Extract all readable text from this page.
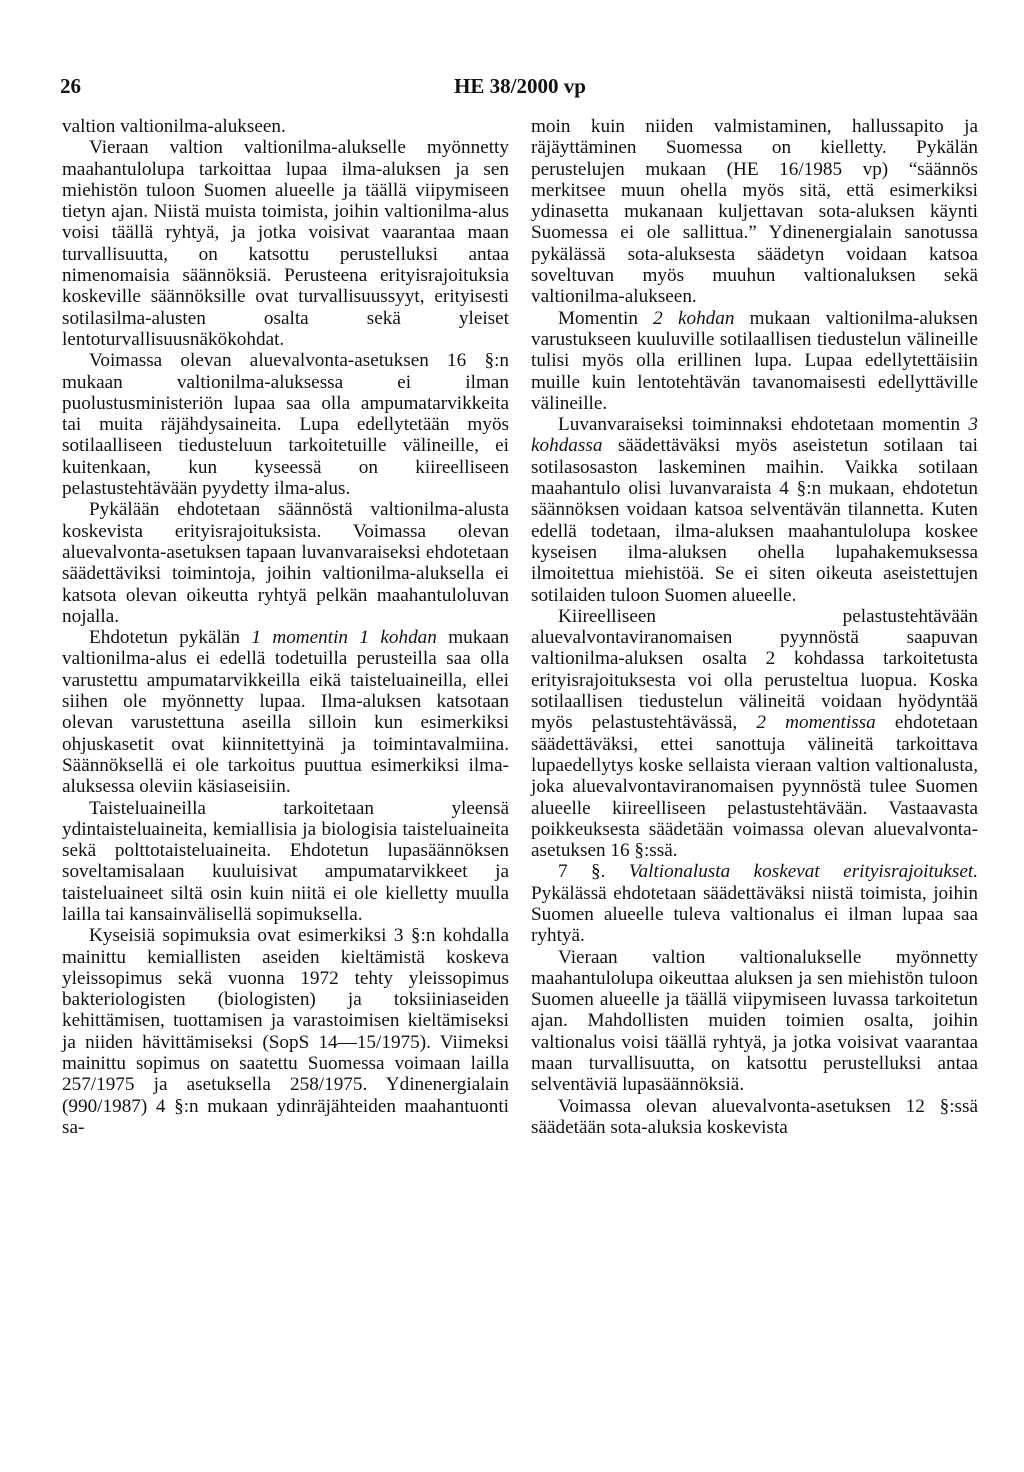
26	HE 38/2000 vp

valtion valtionilma-alukseen.

Vieraan valtion valtionilma-alukselle myönnetty maahantulolupa tarkoittaa lupaa ilma-aluksen ja sen miehistön tuloon Suomen alueelle ja täällä viipymiseen tietyn ajan. Niistä muista toimista, joihin valtionilma-alus voisi täällä ryhtyä, ja jotka voisivat vaarantaa maan turvallisuutta, on katsottu perustelluksi antaa nimenomaisia säännöksiä. Perusteena erityisrajoituksia koskeville säännöksille ovat turvallisuussyyt, erityisesti sotilasilma-alusten osalta sekä yleiset lentoturvallisuusnäkökohdat.

Voimassa olevan aluevalvonta-asetuksen 16 §:n mukaan valtionilma-aluksessa ei ilman puolustusministeriön lupaa saa olla ampumatarvikkeita tai muita räjähdysaineita. Lupa edellytetään myös sotilaalliseen tiedusteluun tarkoitetuille välineille, ei kuitenkaan, kun kyseessä on kiireelliseen pelastustehtävään pyydetty ilma-alus.

Pykälään ehdotetaan säännöstä valtionilma-alusta koskevista erityisrajoituksista. Voimassa olevan aluevalvonta-asetuksen tapaan luvanvaraiseksi ehdotetaan säädettäviksi toimintoja, joihin valtionilma-aluksella ei katsota olevan oikeutta ryhtyä pelkän maahantuloluvan nojalla.

Ehdotetun pykälän 1 momentin 1 kohdan mukaan valtionilma-alus ei edellä todetuilla perusteilla saa olla varustettu ampumatarvikkeilla eikä taisteluaineilla, ellei siihen ole myönnetty lupaa. Ilma-aluksen katsotaan olevan varustettuna aseilla silloin kun esimerkiksi ohjuskasetit ovat kiinnitettyinä ja toimintavalmiina. Säännöksellä ei ole tarkoitus puuttua esimerkiksi ilma-aluksessa oleviin käsiaseisiin.

Taisteluaineilla tarkoitetaan yleensä ydintaisteluaineita, kemiallisia ja biologisia taisteluaineita sekä polttotaisteluaineita. Ehdotetun lupasäännöksen soveltamisalaan kuuluisivat ampumatarvikkeet ja taisteluaineet siltä osin kuin niitä ei ole kielletty muulla lailla tai kansainvälisellä sopimuksella.

Kyseisiä sopimuksia ovat esimerkiksi 3 §:n kohdalla mainittu kemiallisten aseiden kieltämistä koskeva yleissopimus sekä vuonna 1972 tehty yleissopimus bakteriologisten (biologisten) ja toksiiniaseiden kehittämisen, tuottamisen ja varastoimisen kieltämiseksi ja niiden hävittämiseksi (SopS 14—15/1975). Viimeksi mainittu sopimus on saatettu Suomessa voimaan lailla 257/1975 ja asetuksella 258/1975. Ydinenergialain (990/1987) 4 §:n mukaan ydinräjähteiden maahantuonti sa-

moin kuin niiden valmistaminen, hallussapito ja räjäyttäminen Suomessa on kielletty. Pykälän perustelujen mukaan (HE 16/1985 vp) “säännös merkitsee muun ohella myös sitä, että esimerkiksi ydinasetta mukanaan kuljettavan sota-aluksen käynti Suomessa ei ole sallittua.” Ydinenergialain sanotussa pykälässä sota-aluksesta säädetyn voidaan katsoa soveltuvan myös muuhun valtionaluksen sekä valtionilma-alukseen.

Momentin 2 kohdan mukaan valtionilma-aluksen varustukseen kuuluville sotilaallisen tiedustelun välineille tulisi myös olla erillinen lupa. Lupaa edellytettäisiin muille kuin lentotehtävän tavanomaisesti edellyttäville välineille.

Luvanvaraiseksi toiminnaksi ehdotetaan momentin 3 kohdassa säädettäväksi myös aseistetun sotilaan tai sotilasosaston laskeminen maihin. Vaikka sotilaan maahantulo olisi luvanvaraista 4 §:n mukaan, ehdotetun säännöksen voidaan katsoa selventävän tilannetta. Kuten edellä todetaan, ilma-aluksen maahantulolupa koskee kyseisen ilma-aluksen ohella lupahakemuksessa ilmoitettua miehistöä. Se ei siten oikeuta aseistettujen sotilaiden tuloon Suomen alueelle.

Kiireelliseen pelastustehtävään aluevalvontaviranomaisen pyynnöstä saapuvan valtionilma-aluksen osalta 2 kohdassa tarkoitetusta erityisrajoituksesta voi olla perusteltua luopua. Koska sotilaallisen tiedustelun välineitä voidaan hyödyntää myös pelastustehtävässä, 2 momentissa ehdotetaan säädettäväksi, ettei sanottuja välineitä tarkoittava lupaedellytys koske sellaista vieraan valtion valtionalusta, joka aluevalvontaviranomaisen pyynnöstä tulee Suomen alueelle kiireelliseen pelastustehtävään. Vastaavasta poikkeuksesta säädetään voimassa olevan aluevalvonta-asetuksen 16 §:ssä.

7 §. Valtionalusta koskevat erityisrajoitukset. Pykälässä ehdotetaan säädettäväksi niistä toimista, joihin Suomen alueelle tuleva valtionalus ei ilman lupaa saa ryhtyä.

Vieraan valtion valtionalukselle myönnetty maahantulolupa oikeuttaa aluksen ja sen miehistön tuloon Suomen alueelle ja täällä viipymiseen luvassa tarkoitetun ajan. Mahdollisten muiden toimien osalta, joihin valtionalus voisi täällä ryhtyä, ja jotka voisivat vaarantaa maan turvallisuutta, on katsottu perustelluksi antaa selventäviä lupasäännöksiä.

Voimassa olevan aluevalvonta-asetuksen 12 §:ssä säädetään sota-aluksia koskevista
